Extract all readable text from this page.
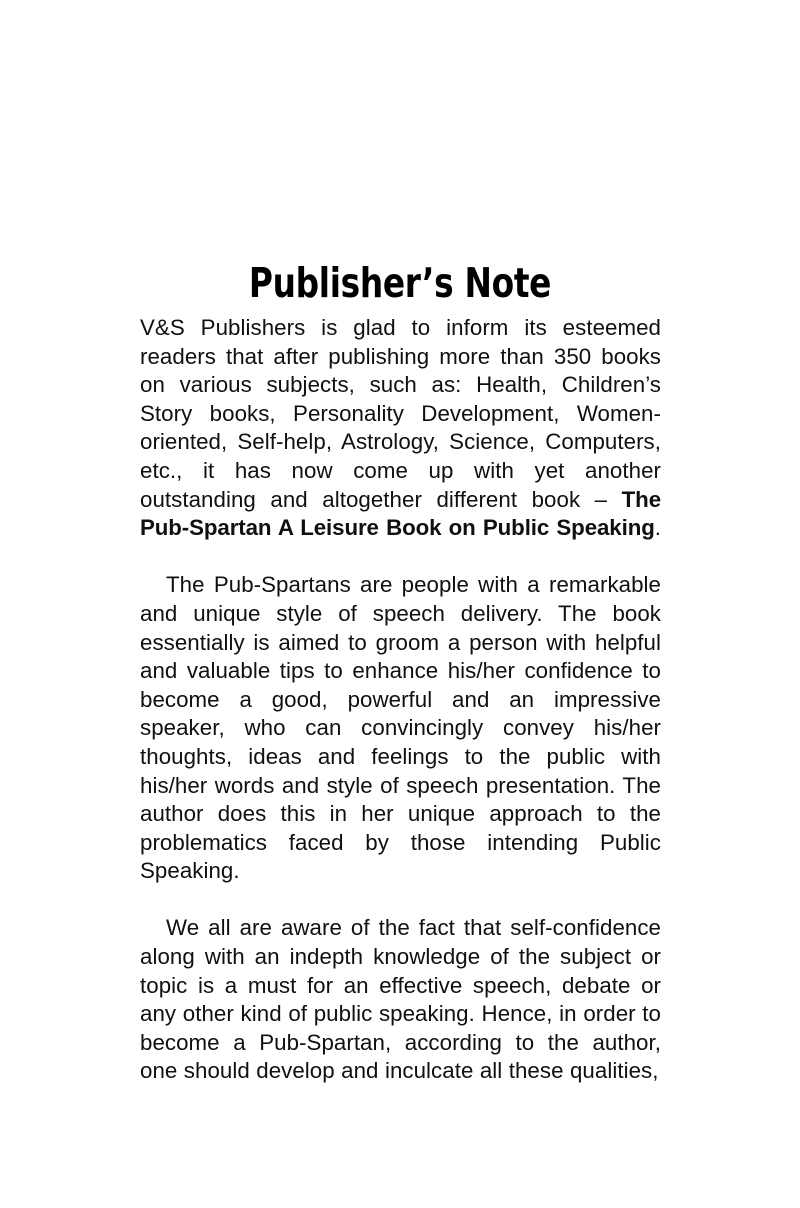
Publisher’s Note

V&S Publishers is glad to inform its esteemed readers that after publishing more than 350 books on various subjects, such as: Health, Children’s Story books, Personality Development, Women-oriented, Self-help, Astrology, Science, Computers, etc., it has now come up with yet another outstanding and altogether different book – The Pub-Spartan A Leisure Book on Public Speaking.

The Pub-Spartans are people with a remarkable and unique style of speech delivery. The book essentially is aimed to groom a person with helpful and valuable tips to enhance his/her confidence to become a good, powerful and an impressive speaker, who can convincingly convey his/her thoughts, ideas and feelings to the public with his/her words and style of speech presentation. The author does this in her unique approach to the problematics faced by those intending Public Speaking.

We all are aware of the fact that self-confidence along with an indepth knowledge of the subject or topic is a must for an effective speech, debate or any other kind of public speaking. Hence, in order to become a Pub-Spartan, according to the author, one should develop and inculcate all these qualities,
